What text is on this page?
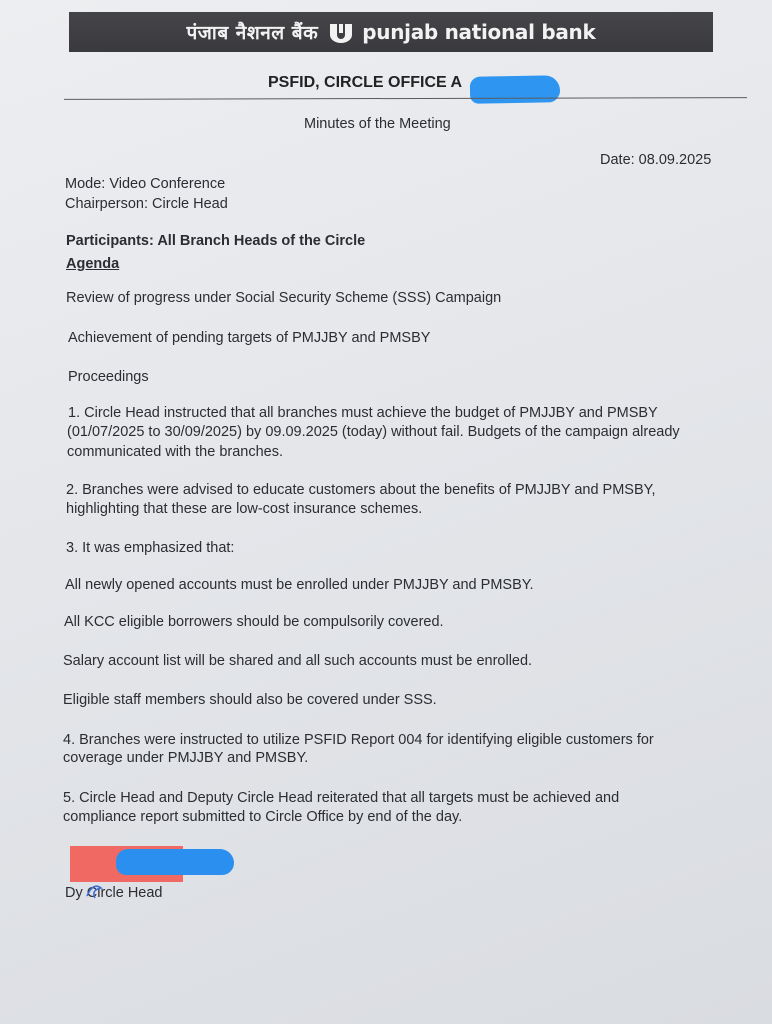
पंजाब नैशनल बैंक punjab national bank
PSFID, CIRCLE OFFICE A
Minutes of the Meeting
Date: 08.09.2025
Mode: Video Conference
Chairperson: Circle Head
Participants: All Branch Heads of the Circle
Agenda
Review of progress under Social Security Scheme (SSS) Campaign
Achievement of pending targets of PMJJBY and PMSBY
Proceedings
1. Circle Head instructed that all branches must achieve the budget of PMJJBY and PMSBY
(01/07/2025 to 30/09/2025) by 09.09.2025 (today) without fail. Budgets of the campaign already
communicated with the branches.
2. Branches were advised to educate customers about the benefits of PMJJBY and PMSBY,
highlighting that these are low-cost insurance schemes.
3. It was emphasized that:
All newly opened accounts must be enrolled under PMJJBY and PMSBY.
All KCC eligible borrowers should be compulsorily covered.
Salary account list will be shared and all such accounts must be enrolled.
Eligible staff members should also be covered under SSS.
4. Branches were instructed to utilize PSFID Report 004 for identifying eligible customers for
coverage under PMJJBY and PMSBY.
5. Circle Head and Deputy Circle Head reiterated that all targets must be achieved and
compliance report submitted to Circle Office by end of the day.
Dy Circle Head
